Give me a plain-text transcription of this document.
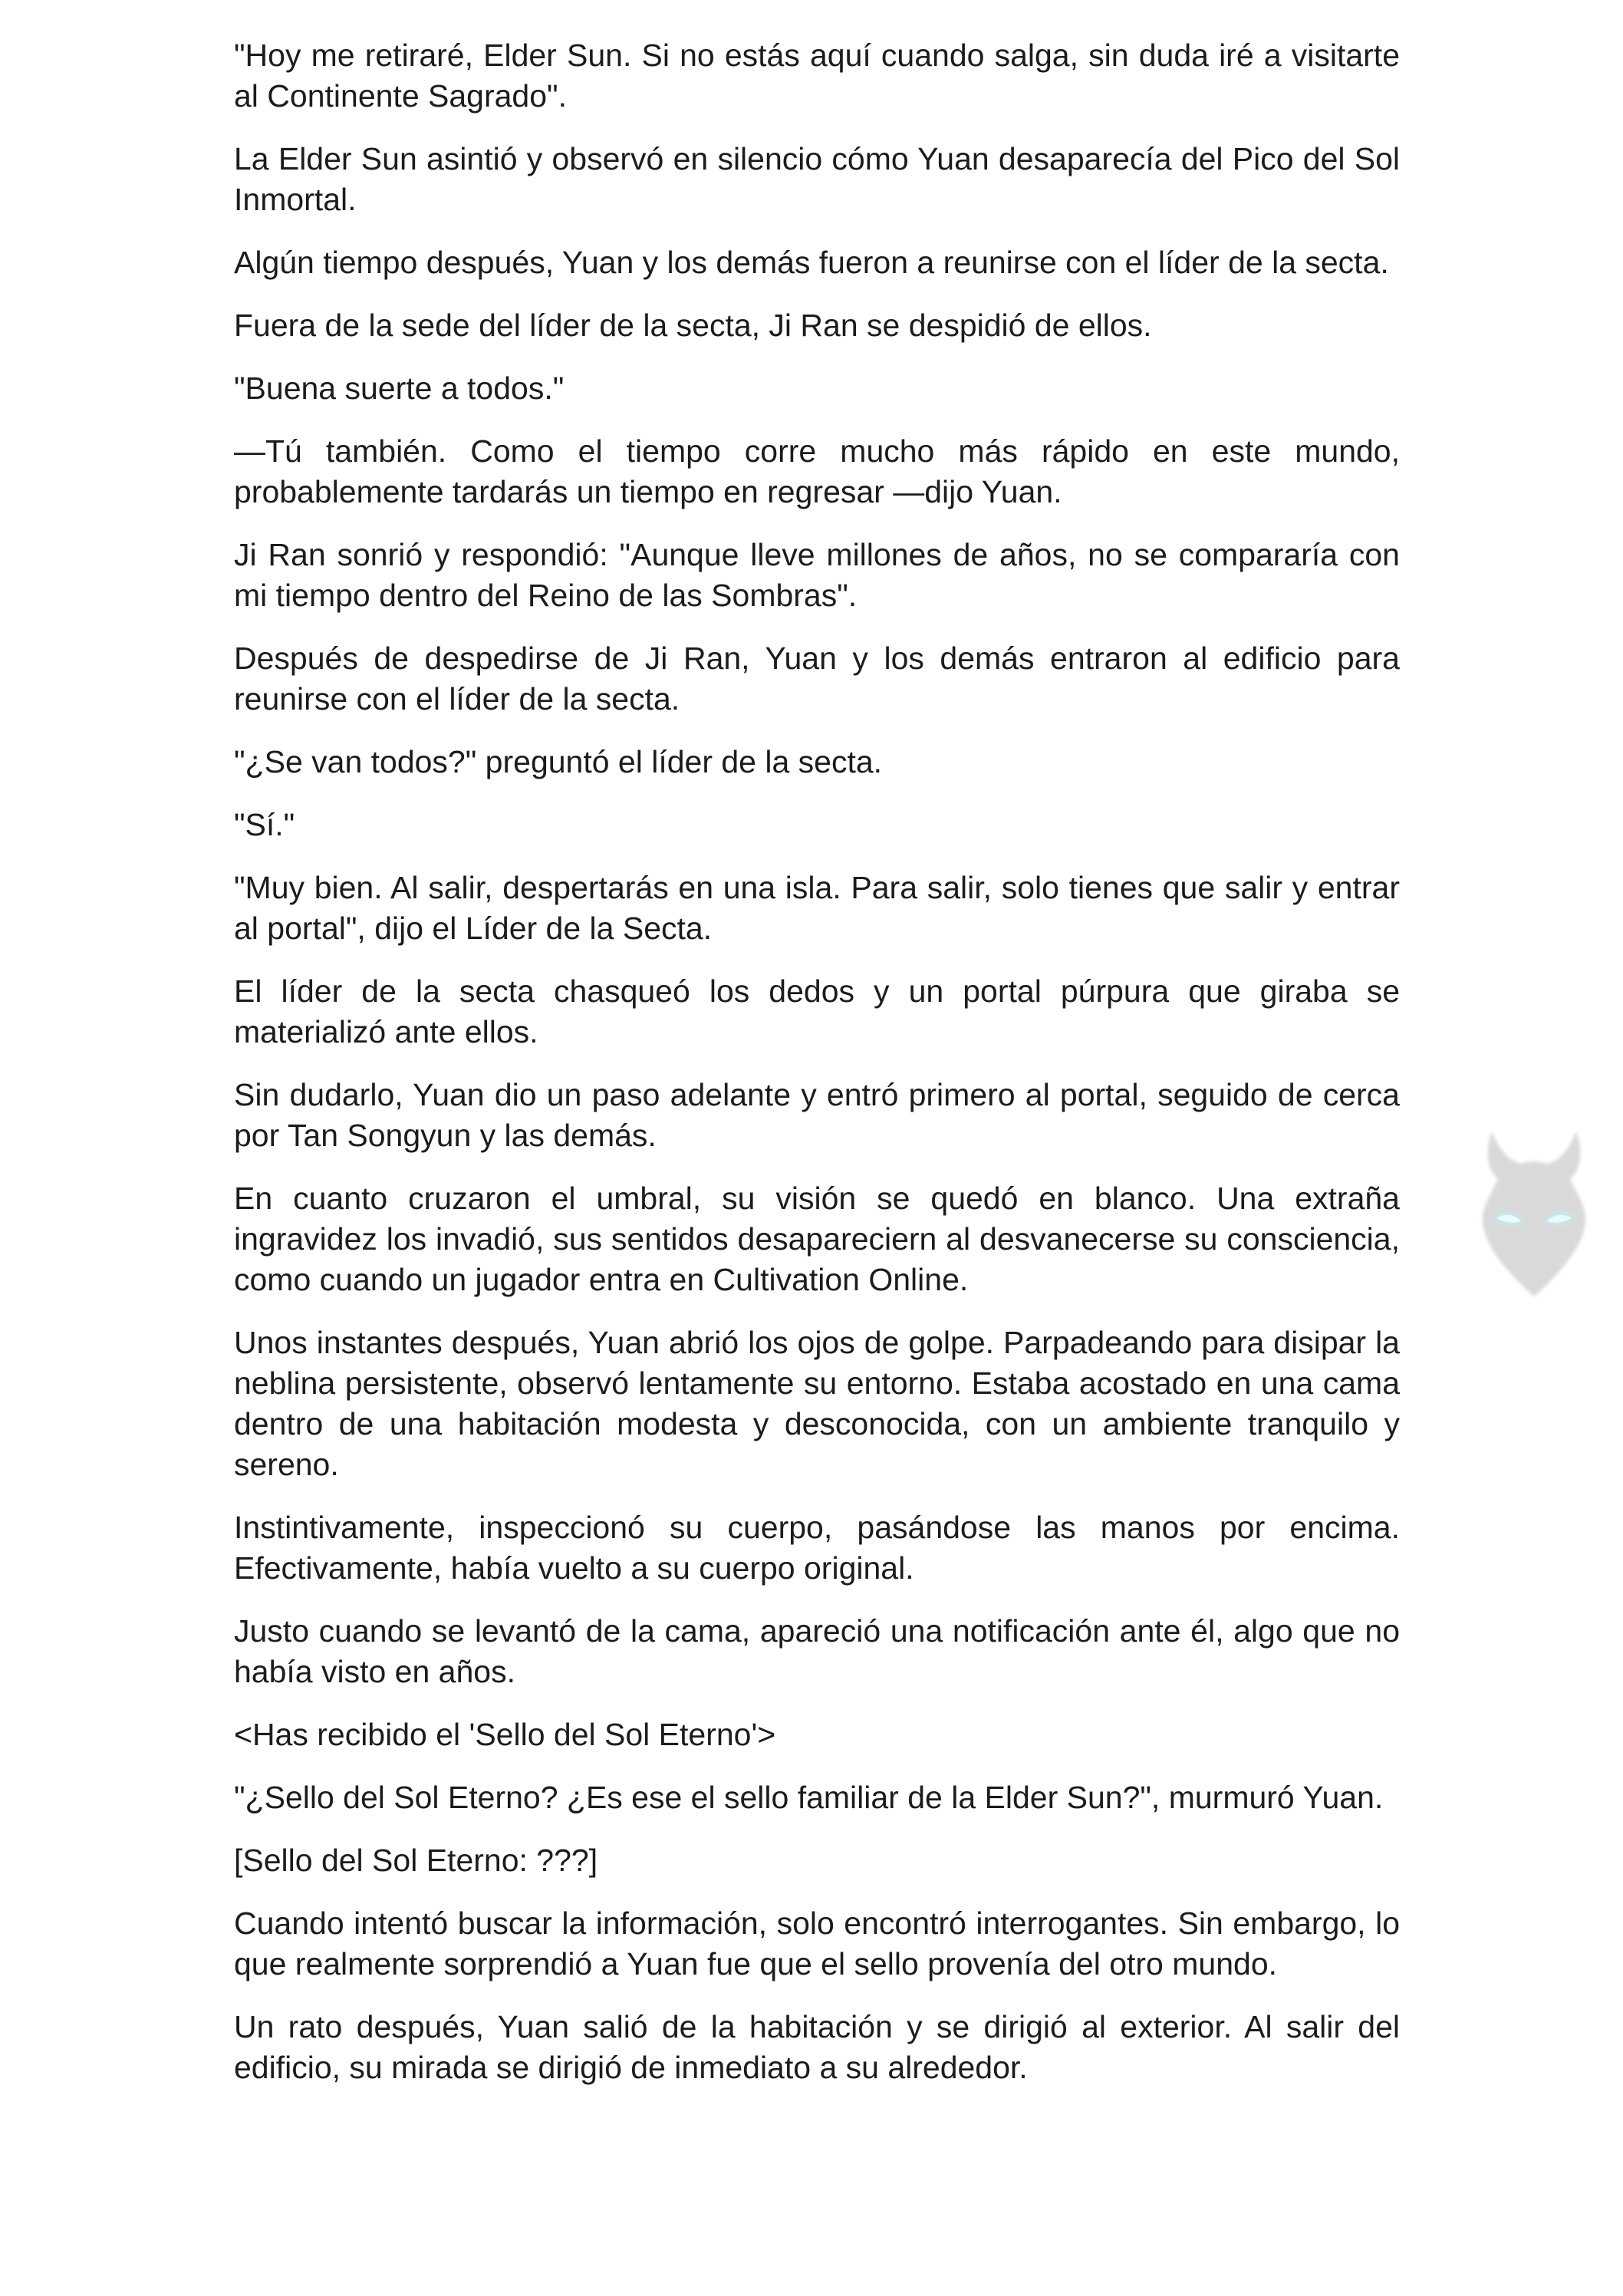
"Hoy me retiraré, Elder Sun. Si no estás aquí cuando salga, sin duda iré a visitarte al Continente Sagrado".

La Elder Sun asintió y observó en silencio cómo Yuan desaparecía del Pico del Sol Inmortal.

Algún tiempo después, Yuan y los demás fueron a reunirse con el líder de la secta.

Fuera de la sede del líder de la secta, Ji Ran se despidió de ellos.

"Buena suerte a todos."

—Tú también. Como el tiempo corre mucho más rápido en este mundo, probablemente tardarás un tiempo en regresar —dijo Yuan.

Ji Ran sonrió y respondió: "Aunque lleve millones de años, no se compararía con mi tiempo dentro del Reino de las Sombras".

Después de despedirse de Ji Ran, Yuan y los demás entraron al edificio para reunirse con el líder de la secta.

"¿Se van todos?" preguntó el líder de la secta.

"Sí."

"Muy bien. Al salir, despertarás en una isla. Para salir, solo tienes que salir y entrar al portal", dijo el Líder de la Secta.

El líder de la secta chasqueó los dedos y un portal púrpura que giraba se materializó ante ellos.

Sin dudarlo, Yuan dio un paso adelante y entró primero al portal, seguido de cerca por Tan Songyun y las demás.

En cuanto cruzaron el umbral, su visión se quedó en blanco. Una extraña ingravidez los invadió, sus sentidos desapareciern al desvanecerse su consciencia, como cuando un jugador entra en Cultivation Online.

Unos instantes después, Yuan abrió los ojos de golpe. Parpadeando para disipar la neblina persistente, observó lentamente su entorno. Estaba acostado en una cama dentro de una habitación modesta y desconocida, con un ambiente tranquilo y sereno.

Instintivamente, inspeccionó su cuerpo, pasándose las manos por encima. Efectivamente, había vuelto a su cuerpo original.

Justo cuando se levantó de la cama, apareció una notificación ante él, algo que no había visto en años.

<Has recibido el 'Sello del Sol Eterno'>

"¿Sello del Sol Eterno? ¿Es ese el sello familiar de la Elder Sun?", murmuró Yuan.

[Sello del Sol Eterno: ???]

Cuando intentó buscar la información, solo encontró interrogantes. Sin embargo, lo que realmente sorprendió a Yuan fue que el sello provenía del otro mundo.

Un rato después, Yuan salió de la habitación y se dirigió al exterior. Al salir del edificio, su mirada se dirigió de inmediato a su alrededor.
